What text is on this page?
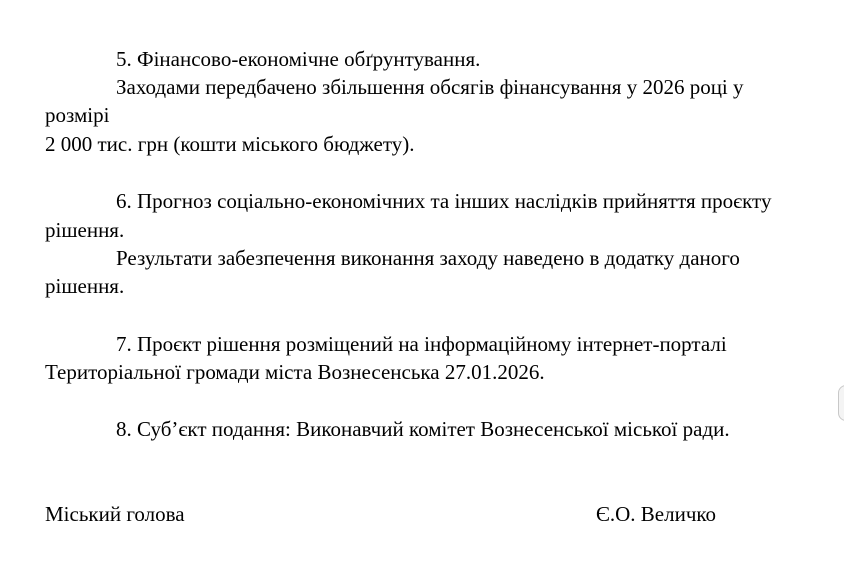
5. Фінансово-економічне обґрунтування.
Заходами передбачено збільшення обсягів фінансування у 2026 році у
розмірі
2 000 тис. грн (кошти міського бюджету).
6. Прогноз соціально-економічних та інших наслідків прийняття проєкту
рішення.
Результати забезпечення виконання заходу наведено в додатку даного
рішення.
7. Проєкт рішення розміщений на інформаційному інтернет-порталі
Територіальної громади міста Вознесенська 27.01.2026.
8. Суб’єкт подання: Виконавчий комітет Вознесенської міської ради.
Міський голова	Є.О. Величко
